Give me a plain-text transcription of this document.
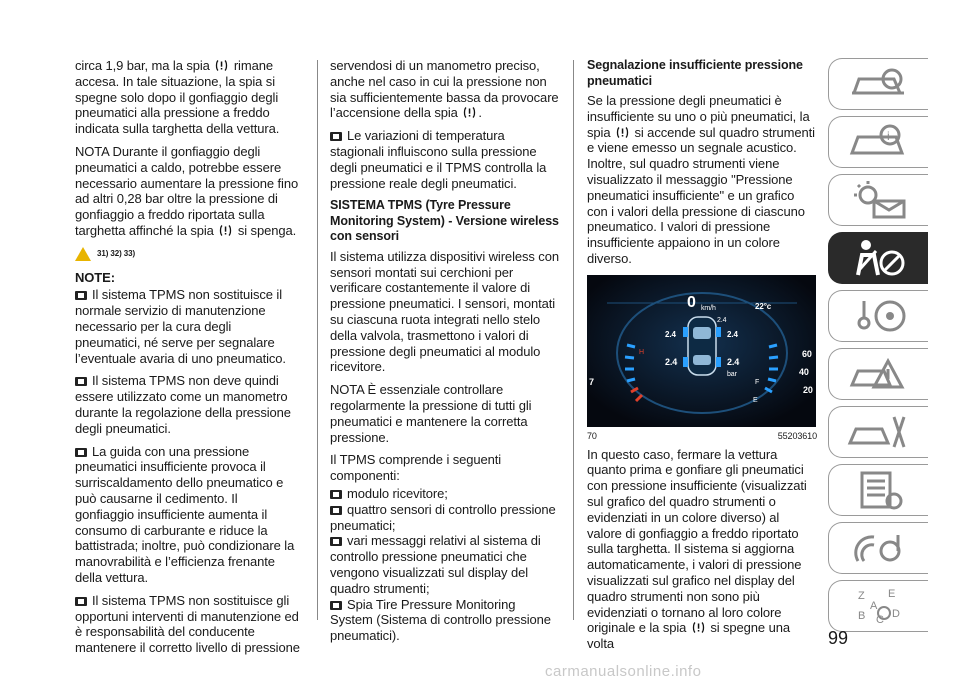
circa 1,9 bar, ma la spia rimane accesa. In tale situazione, la spia si spegne solo dopo il gonfiaggio degli pneumatici alla pressione a freddo indicata sulla targhetta della vettura.

NOTA Durante il gonfiaggio degli pneumatici a caldo, potrebbe essere necessario aumentare la pressione fino ad altri 0,28 bar oltre la pressione di gonfiaggio a freddo riportata sulla targhetta affinché la spia si spenga.

31) 32) 33)
NOTE:
Il sistema TPMS non sostituisce il normale servizio di manutenzione necessario per la cura degli pneumatici, né serve per segnalare l’eventuale avaria di uno pneumatico.
Il sistema TPMS non deve quindi essere utilizzato come un manometro durante la regolazione della pressione degli pneumatici.
La guida con una pressione pneumatici insufficiente provoca il surriscaldamento dello pneumatico e può causarne il cedimento. Il gonfiaggio insufficiente aumenta il consumo di carburante e riduce la battistrada; inoltre, può condizionare la manovrabilità e l’efficienza frenante della vettura.
Il sistema TPMS non sostituisce gli opportuni interventi di manutenzione ed è responsabilità del conducente mantenere il corretto livello di pressione
servendosi di un manometro preciso, anche nel caso in cui la pressione non sia sufficientemente bassa da provocare l’accensione della spia .
Le variazioni di temperatura stagionali influiscono sulla pressione degli pneumatici e il TPMS controlla la pressione reale degli pneumatici.
SISTEMA TPMS (Tyre Pressure Monitoring System) - Versione wireless con sensori

Il sistema utilizza dispositivi wireless con sensori montati sui cerchioni per verificare costantemente il valore di pressione pneumatici. I sensori, montati su ciascuna ruota integrati nello stelo della valvola, trasmettono i valori di pressione degli pneumatici al modulo ricevitore.

NOTA È essenziale controllare regolarmente la pressione di tutti gli pneumatici e mantenere la corretta pressione.

Il TPMS comprende i seguenti componenti:

modulo ricevitore;
quattro sensori di controllo pressione pneumatici;
vari messaggi relativi al sistema di controllo pressione pneumatici che vengono visualizzati sul display del quadro strumenti;
Spia Tire Pressure Monitoring System (Sistema di controllo pressione pneumatici).
Segnalazione insufficiente pressione pneumatici

Se la pressione degli pneumatici è insufficiente su uno o più pneumatici, la spia si accende sul quadro strumenti e viene emesso un segnale acustico. Inoltre, sul quadro strumenti viene visualizzato il messaggio "Pressione pneumatici insufficiente" e un grafico con i valori della pressione di ciascuno pneumatico. I valori di pressione insufficiente appaiono in un colore diverso.

0 km/h	22°c
2.4
2.4	2.4
2.4	2.4
bar
H	60
40
20
F
E
7
70	55203610

In questo caso, fermare la vettura quanto prima e gonfiare gli pneumatici con pressione insufficiente (visualizzati sul grafico del quadro strumenti o evidenziati in un colore diverso) al valore di gonfiaggio a freddo riportato sulla targhetta. Il sistema si aggiorna automaticamente, i valori di pressione visualizzati sul grafico nel display del quadro strumenti non sono più evidenziati o tornano al loro colore originale e la spia si spegne una volta

i
Z E
A
B C D
99
carmanualsonline.info
